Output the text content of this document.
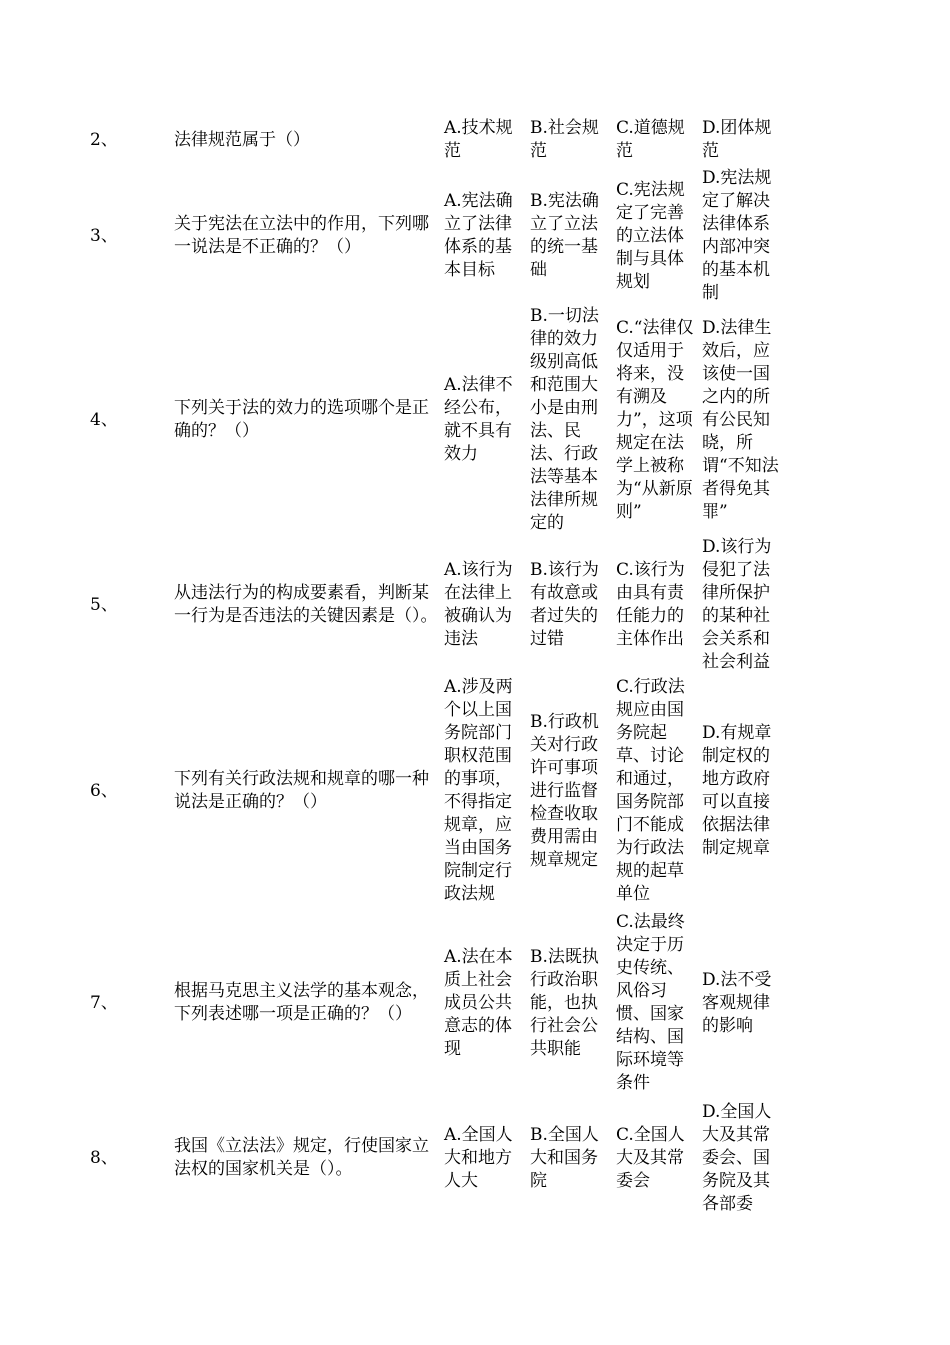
2、	法律规范属于（）	A.技术规范	B.社会规范	C.道德规范	D.团体规范
3、	关于宪法在立法中的作用，下列哪一说法是不正确的？（）	A.宪法确立了法律体系的基本目标	B.宪法确立了立法的统一基础	C.宪法规定了完善的立法体制与具体规划	D.宪法规定了解决法律体系内部冲突的基本机制
4、	下列关于法的效力的选项哪个是正确的？（）	A.法律不经公布，就不具有效力	B.一切法律的效力级别高低和范围大小是由刑法、民法、行政法等基本法律所规定的	C.“法律仅仅适用于将来，没有溯及力”，这项规定在法学上被称为“从新原则”	D.法律生效后，应该使一国之内的所有公民知晓，所谓“不知法者得免其罪”
5、	从违法行为的构成要素看，判断某一行为是否违法的关键因素是（）。	A.该行为在法律上被确认为违法	B.该行为有故意或者过失的过错	C.该行为由具有责任能力的主体作出	D.该行为侵犯了法律所保护的某种社会关系和社会利益
6、	下列有关行政法规和规章的哪一种说法是正确的？（）	A.涉及两个以上国务院部门职权范围的事项，不得指定规章，应当由国务院制定行政法规	B.行政机关对行政许可事项进行监督检查收取费用需由规章规定	C.行政法规应由国务院起草、讨论和通过，国务院部门不能成为行政法规的起草单位	D.有规章制定权的地方政府可以直接依据法律制定规章
7、	根据马克思主义法学的基本观念，下列表述哪一项是正确的？（）	A.法在本质上社会成员公共意志的体现	B.法既执行政治职能，也执行社会公共职能	C.法最终决定于历史传统、风俗习惯、国家结构、国际环境等条件	D.法不受客观规律的影响
8、	我国《立法法》规定，行使国家立法权的国家机关是（）。	A.全国人大和地方人大	B.全国人大和国务院	C.全国人大及其常委会	D.全国人大及其常委会、国务院及其各部委
